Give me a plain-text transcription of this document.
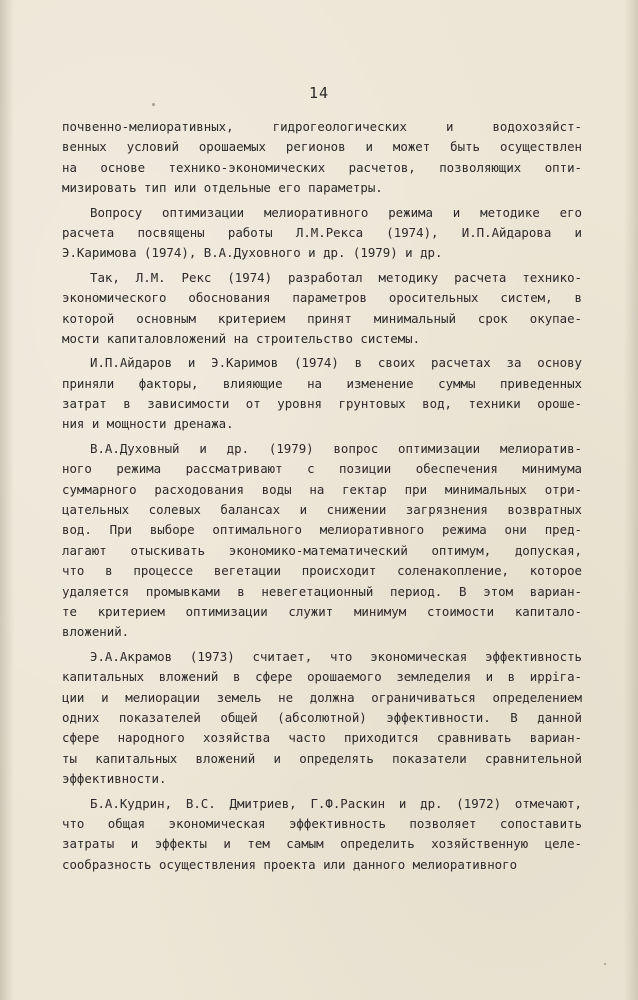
14
почвенно-мелиоративных, гидрогеологических и водохозяйст-
венных условий орошаемых регионов и может быть осуществлен
на основе технико-экономических расчетов, позволяющих опти-
мизировать тип или отдельные его параметры.
Вопросу оптимизации мелиоративного режима и методике его
расчета посвящены работы Л.М.Рекса (1974), И.П.Айдарова и
Э.Каримова (1974), В.А.Духовного и др. (1979) и др.
Так, Л.М. Рекс (1974) разработал методику расчета технико-
экономического обоснования параметров оросительных систем, в
которой основным критерием принят минимальный срок окупае-
мости капиталовложений на строительство системы.
И.П.Айдаров и Э.Каримов (1974) в своих расчетах за основу
приняли факторы, влияющие на изменение суммы приведенных
затрат в зависимости от уровня грунтовых вод, техники ороше-
ния и мощности дренажа.
В.А.Духовный и др. (1979) вопрос оптимизации мелиоратив-
ного режима рассматривают с позиции обеспечения минимума
суммарного расходования воды на гектар при минимальных отри-
цательных солевых балансах и снижении загрязнения возвратных
вод. При выборе оптимального мелиоративного режима они пред-
лагают отыскивать экономико-математический оптимум, допуская,
что в процессе вегетации происходит соленакопление, которое
удаляется промывками в невегетационный период. В этом вариан-
те критерием оптимизации служит минимум стоимости капитало-
вложений.
Э.А.Акрамов (1973) считает, что экономическая эффективность
капитальных вложений в сфере орошаемого земледелия и в ирріга-
ции и мелиорации земель не должна ограничиваться определением
одних показателей общей (абсолютной) эффективности. В данной
сфере народного хозяйства часто приходится сравнивать вариан-
ты капитальных вложений и определять показатели сравнительной
эффективности.
Б.А.Кудрин, В.С. Дмитриев, Г.Ф.Раскин и др. (1972) отмечают,
что общая экономическая эффективность позволяет сопоставить
затраты и эффекты и тем самым определить хозяйственную целе-
сообразность осуществления проекта или данного мелиоративного
